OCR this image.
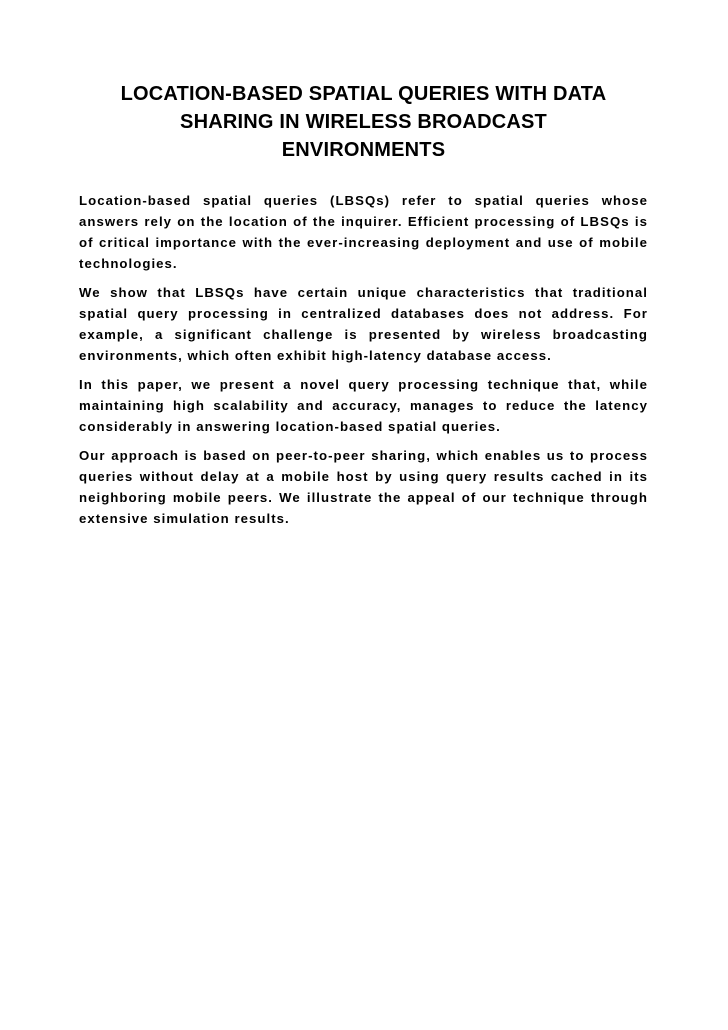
LOCATION-BASED SPATIAL QUERIES WITH DATA
SHARING IN WIRELESS BROADCAST
ENVIRONMENTS

Location-based spatial queries (LBSQs) refer to spatial queries whose answers rely on the location of the inquirer. Efficient processing of LBSQs is of critical importance with the ever-increasing deployment and use of mobile technologies.

We show that LBSQs have certain unique characteristics that traditional spatial query processing in centralized databases does not address. For example, a significant challenge is presented by wireless broadcasting environments, which often exhibit high-latency database access.

In this paper, we present a novel query processing technique that, while maintaining high scalability and accuracy, manages to reduce the latency considerably in answering location-based spatial queries.

Our approach is based on peer-to-peer sharing, which enables us to process queries without delay at a mobile host by using query results cached in its neighboring mobile peers. We illustrate the appeal of our technique through extensive simulation results.
